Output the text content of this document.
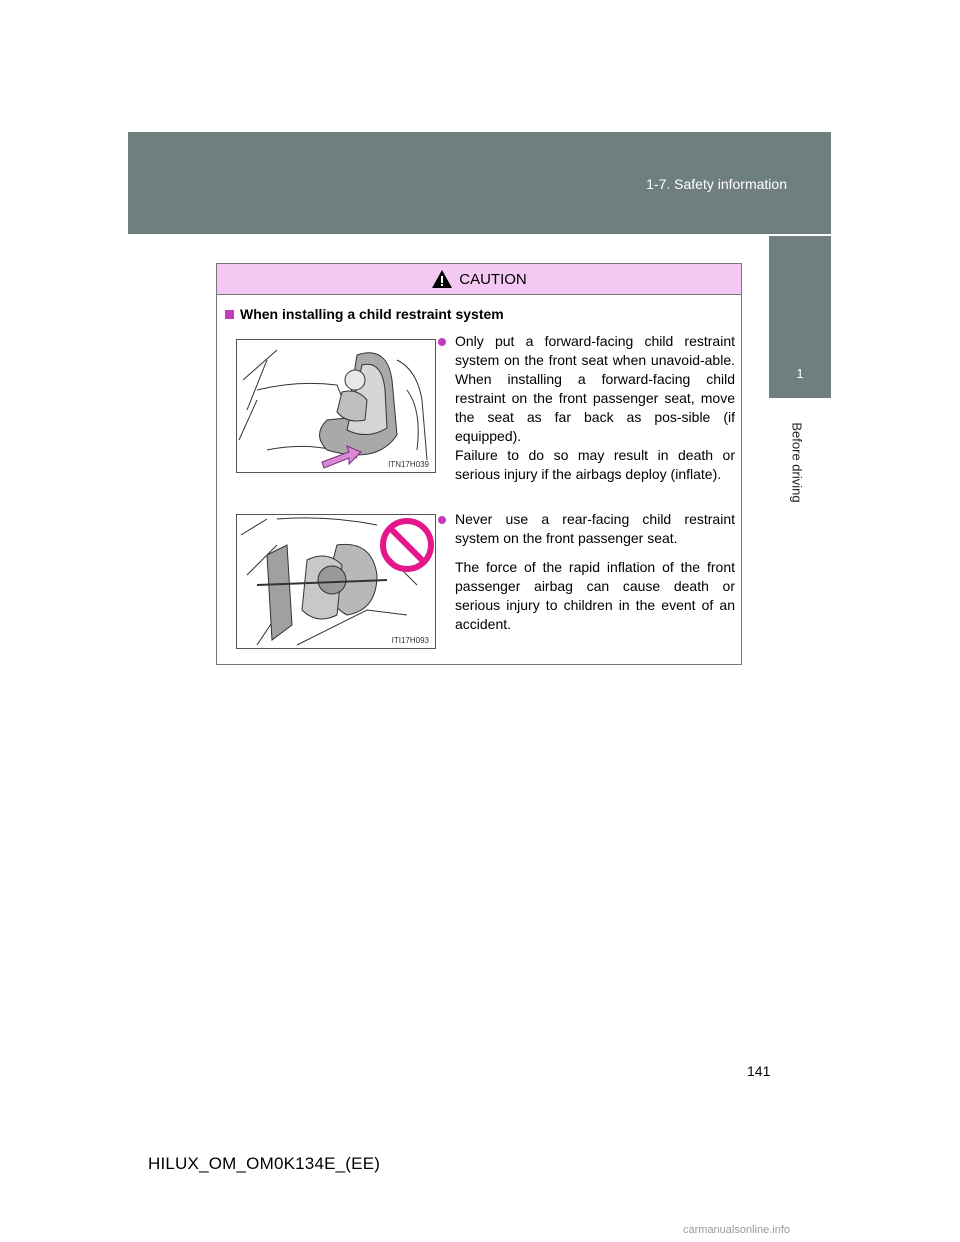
1-7. Safety information
1
Before driving
CAUTION
When installing a child restraint system
ITN17H039
ITI17H093

Only put a forward-facing child restraint system on the front seat when unavoid-able. When installing a forward-facing child restraint on the front passenger seat, move the seat as far back as pos-sible (if equipped).

Failure to do so may result in death or serious injury if the airbags deploy (inflate).

Never use a rear-facing child restraint system on the front passenger seat.

The force of the rapid inflation of the front passenger airbag can cause death or serious injury to children in the event of an accident.

141
HILUX_OM_OM0K134E_(EE)
carmanualsonline.info
